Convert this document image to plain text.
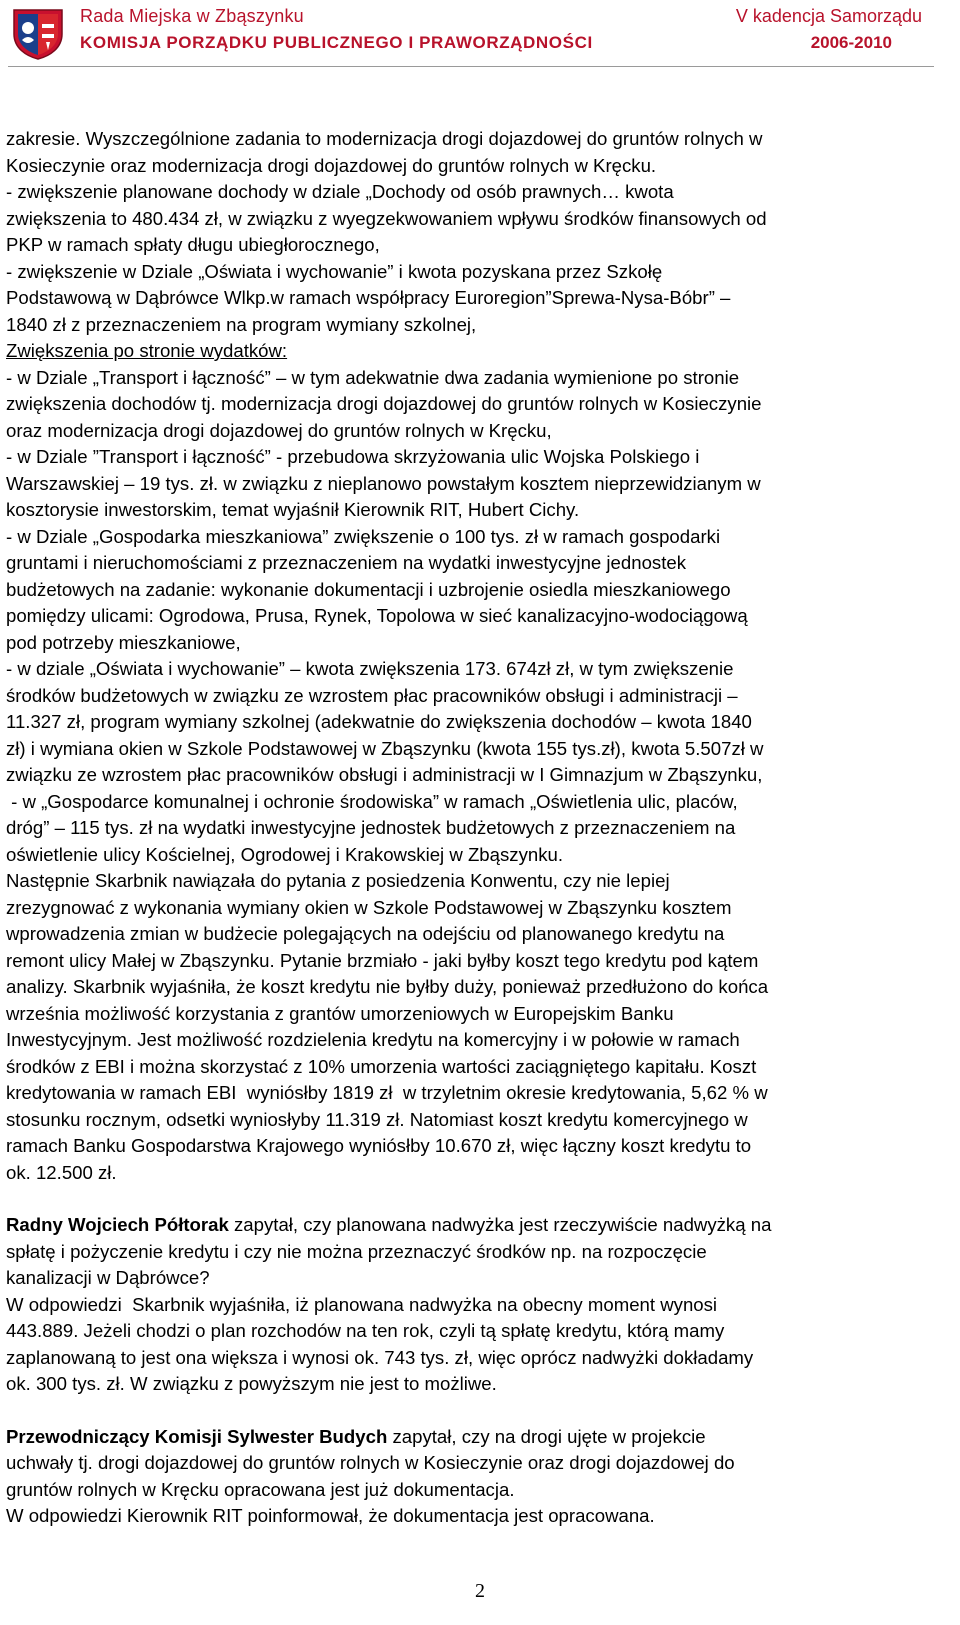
Rada Miejska w Zbąszynku
KOMISJA PORZĄDKU PUBLICZNEGO I PRAWORZĄDNOŚCI
V kadencja Samorządu
2006-2010

zakresie. Wyszczególnione zadania to modernizacja drogi dojazdowej do gruntów rolnych w

Kosieczynie oraz modernizacja drogi dojazdowej do gruntów rolnych w Kręcku.

- zwiększenie planowane dochody w dziale „Dochody od osób prawnych… kwota

zwiększenia to 480.434 zł, w związku z wyegzekwowaniem wpływu środków finansowych od

PKP w ramach spłaty długu ubiegłorocznego,

- zwiększenie w Dziale „Oświata i wychowanie” i kwota pozyskana przez Szkołę

Podstawową w Dąbrówce Wlkp.w ramach współpracy Euroregion”Sprewa-Nysa-Bóbr” –

1840 zł z przeznaczeniem na program wymiany szkolnej,

Zwiększenia po stronie wydatków:

- w Dziale „Transport i łączność” – w tym adekwatnie dwa zadania wymienione po stronie

zwiększenia dochodów tj. modernizacja drogi dojazdowej do gruntów rolnych w Kosieczynie

oraz modernizacja drogi dojazdowej do gruntów rolnych w Kręcku,

- w Dziale ”Transport i łączność” - przebudowa skrzyżowania ulic Wojska Polskiego i

Warszawskiej – 19 tys. zł. w związku z nieplanowo powstałym kosztem nieprzewidzianym w

kosztorysie inwestorskim, temat wyjaśnił Kierownik RIT, Hubert Cichy.

- w Dziale „Gospodarka mieszkaniowa” zwiększenie o 100 tys. zł w ramach gospodarki

gruntami i nieruchomościami z przeznaczeniem na wydatki inwestycyjne jednostek

budżetowych na zadanie: wykonanie dokumentacji i uzbrojenie osiedla mieszkaniowego

pomiędzy ulicami: Ogrodowa, Prusa, Rynek, Topolowa w sieć kanalizacyjno-wodociągową

pod potrzeby mieszkaniowe,

- w dziale „Oświata i wychowanie” – kwota zwiększenia 173. 674zł zł, w tym zwiększenie

środków budżetowych w związku ze wzrostem płac pracowników obsługi i administracji –

11.327 zł, program wymiany szkolnej (adekwatnie do zwiększenia dochodów – kwota 1840

zł) i wymiana okien w Szkole Podstawowej w Zbąszynku (kwota 155 tys.zł), kwota 5.507zł w

związku ze wzrostem płac pracowników obsługi i administracji w I Gimnazjum w Zbąszynku,

- w „Gospodarce komunalnej i ochronie środowiska” w ramach „Oświetlenia ulic, placów,

dróg” – 115 tys. zł na wydatki inwestycyjne jednostek budżetowych z przeznaczeniem na

oświetlenie ulicy Kościelnej, Ogrodowej i Krakowskiej w Zbąszynku.

Następnie Skarbnik nawiązała do pytania z posiedzenia Konwentu, czy nie lepiej

zrezygnować z wykonania wymiany okien w Szkole Podstawowej w Zbąszynku kosztem

wprowadzenia zmian w budżecie polegających na odejściu od planowanego kredytu na

remont ulicy Małej w Zbąszynku. Pytanie brzmiało - jaki byłby koszt tego kredytu pod kątem

analizy. Skarbnik wyjaśniła, że koszt kredytu nie byłby duży, ponieważ przedłużono do końca

września możliwość korzystania z grantów umorzeniowych w Europejskim Banku

Inwestycyjnym. Jest możliwość rozdzielenia kredytu na komercyjny i w połowie w ramach

środków z EBI i można skorzystać z 10% umorzenia wartości zaciągniętego kapitału. Koszt

kredytowania w ramach EBI  wyniósłby 1819 zł  w trzyletnim okresie kredytowania, 5,62 % w

stosunku rocznym, odsetki wyniosłyby 11.319 zł. Natomiast koszt kredytu komercyjnego w

ramach Banku Gospodarstwa Krajowego wyniósłby 10.670 zł, więc łączny koszt kredytu to

ok. 12.500 zł.

Radny Wojciech Półtorak zapytał, czy planowana nadwyżka jest rzeczywiście nadwyżką na

spłatę i pożyczenie kredytu i czy nie można przeznaczyć środków np. na rozpoczęcie

kanalizacji w Dąbrówce?

W odpowiedzi  Skarbnik wyjaśniła, iż planowana nadwyżka na obecny moment wynosi

443.889. Jeżeli chodzi o plan rozchodów na ten rok, czyli tą spłatę kredytu, którą mamy

zaplanowaną to jest ona większa i wynosi ok. 743 tys. zł, więc oprócz nadwyżki dokładamy

ok. 300 tys. zł. W związku z powyższym nie jest to możliwe.

Przewodniczący Komisji Sylwester Budych zapytał, czy na drogi ujęte w projekcie

uchwały tj. drogi dojazdowej do gruntów rolnych w Kosieczynie oraz drogi dojazdowej do

gruntów rolnych w Kręcku opracowana jest już dokumentacja.

W odpowiedzi Kierownik RIT poinformował, że dokumentacja jest opracowana.

2
